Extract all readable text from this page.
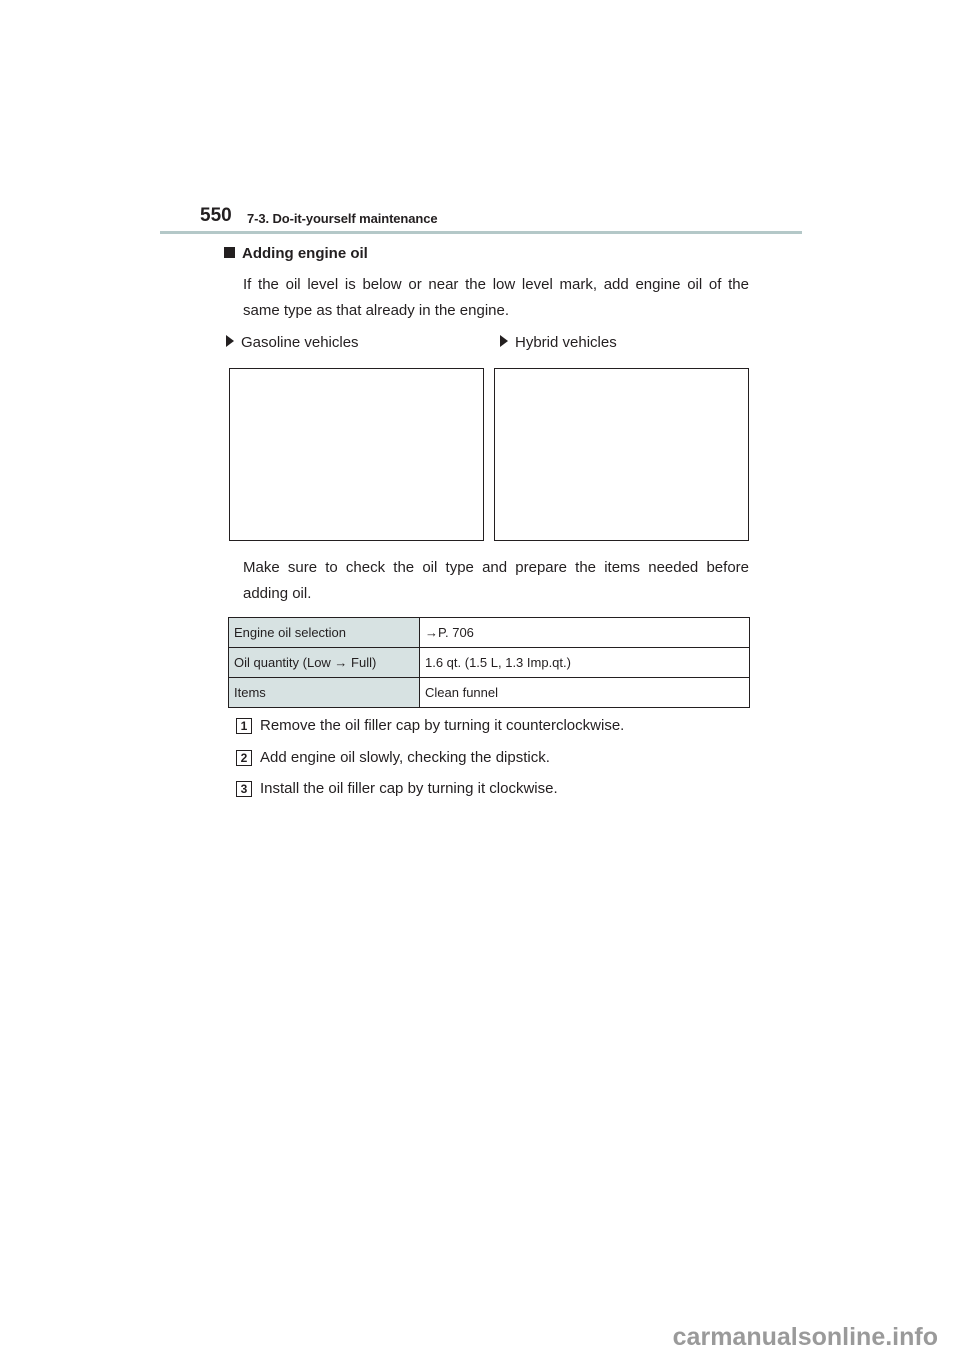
550 7-3. Do-it-yourself maintenance
Adding engine oil
If the oil level is below or near the low level mark, add engine oil of the same type as that already in the engine.
Gasoline vehicles	Hybrid vehicles
Make sure to check the oil type and prepare the items needed before adding oil.
Engine oil selection	→P. 706
Oil quantity (Low → Full)	1.6 qt. (1.5 L, 1.3 Imp.qt.)
Items	Clean funnel
1 Remove the oil filler cap by turning it counterclockwise.
2 Add engine oil slowly, checking the dipstick.
3 Install the oil filler cap by turning it clockwise.
carmanualsonline.info
